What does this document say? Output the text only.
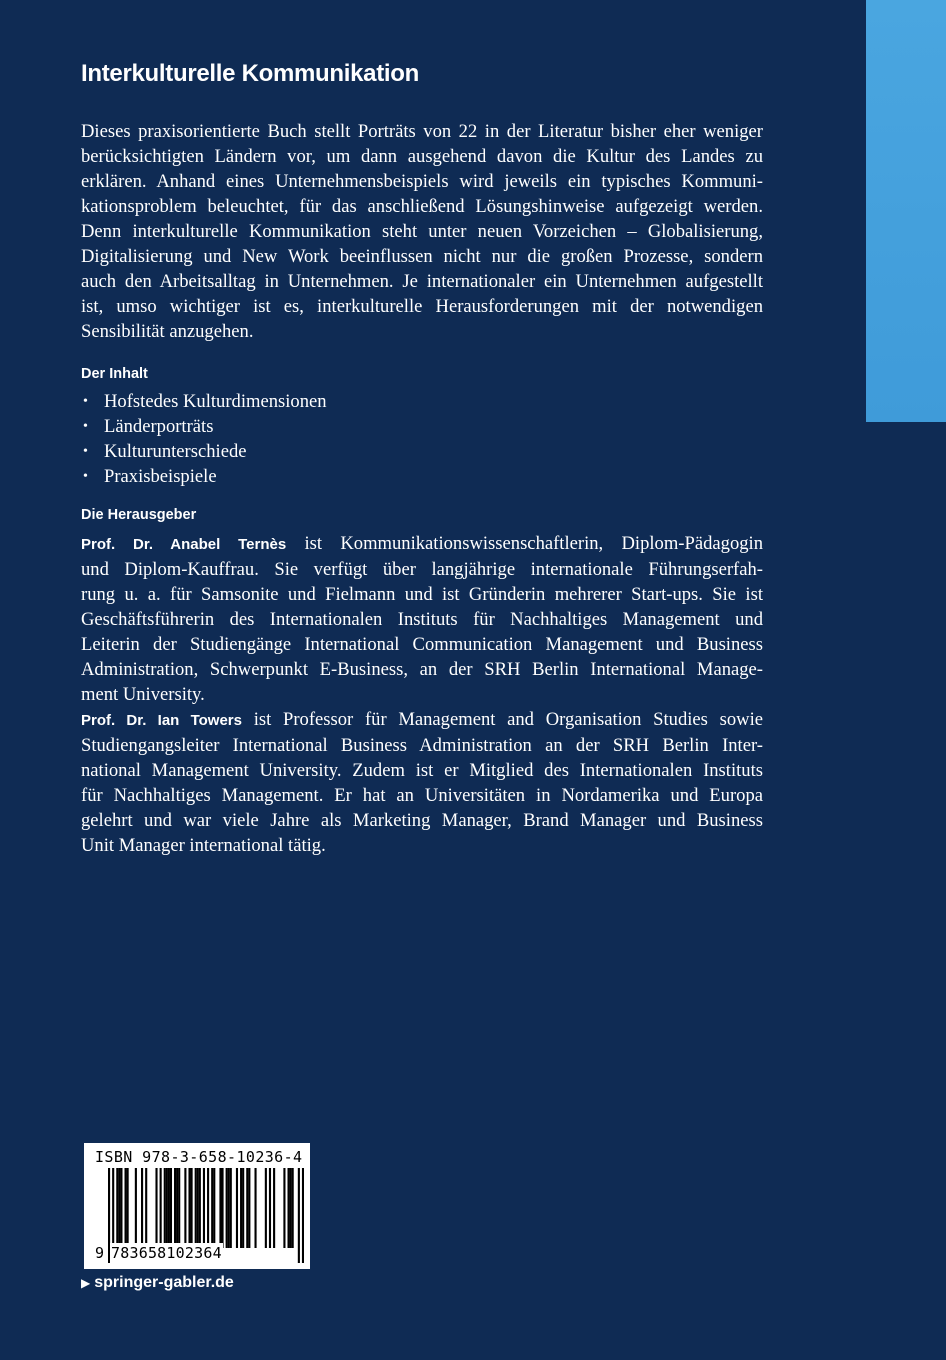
Interkulturelle Kommunikation
Dieses praxisorientierte Buch stellt Porträts von 22 in der Literatur bisher eher weniger
berücksichtigten Ländern vor, um dann ausgehend davon die Kultur des Landes zu
erklären. Anhand eines Unternehmensbeispiels wird jeweils ein typisches Kommuni-
kationsproblem beleuchtet, für das anschließend Lösungshinweise aufgezeigt werden.
Denn interkulturelle Kommunikation steht unter neuen Vorzeichen – Globalisierung,
Digitalisierung und New Work beeinflussen nicht nur die großen Prozesse, sondern
auch den Arbeitsalltag in Unternehmen. Je internationaler ein Unternehmen aufgestellt
ist, umso wichtiger ist es, interkulturelle Herausforderungen mit der notwendigen
Sensibilität anzugehen.
Der Inhalt
• Hofstedes Kulturdimensionen
• Länderporträts
• Kulturunterschiede
• Praxisbeispiele
Die Herausgeber
Prof. Dr. Anabel Ternès ist Kommunikationswissenschaftlerin, Diplom-Pädagogin
und Diplom-Kauffrau. Sie verfügt über langjährige internationale Führungserfah-
rung u. a. für Samsonite und Fielmann und ist Gründerin mehrerer Start-ups. Sie ist
Geschäftsführerin des Internationalen Instituts für Nachhaltiges Management und
Leiterin der Studiengänge International Communication Management und Business
Administration, Schwerpunkt E-Business, an der SRH Berlin International Manage-
ment University.
Prof. Dr. Ian Towers ist Professor für Management and Organisation Studies sowie
Studiengangsleiter International Business Administration an der SRH Berlin Inter-
national Management University. Zudem ist er Mitglied des Internationalen Instituts
für Nachhaltiges Management. Er hat an Universitäten in Nordamerika und Europa
gelehrt und war viele Jahre als Marketing Manager, Brand Manager und Business
Unit Manager international tätig.
ISBN 978-3-658-10236-4
9 783658102364
▶ springer-gabler.de
